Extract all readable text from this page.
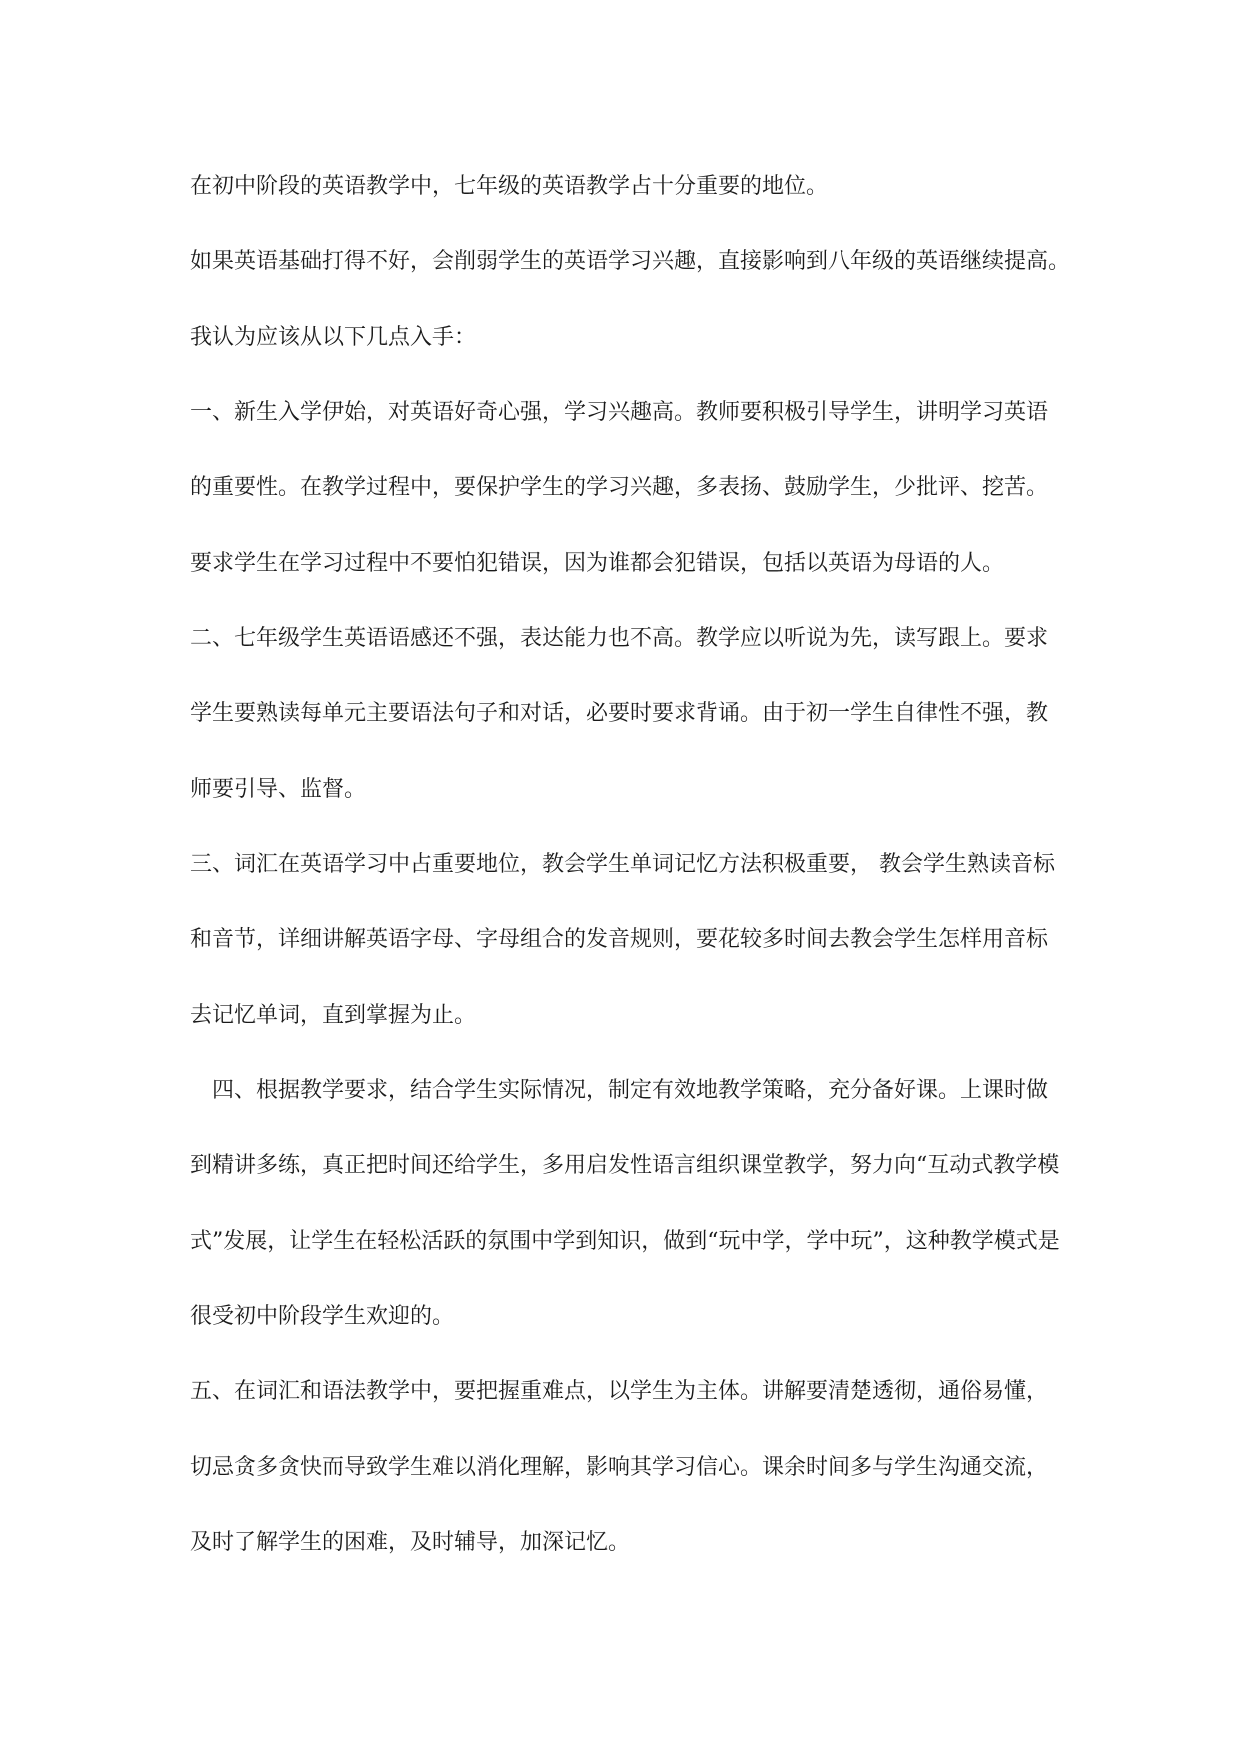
在初中阶段的英语教学中，七年级的英语教学占十分重要的地位。

如果英语基础打得不好，会削弱学生的英语学习兴趣，直接影响到八年级的英语继续提高。

我认为应该从以下几点入手：

一、新生入学伊始，对英语好奇心强，学习兴趣高。教师要积极引导学生，讲明学习英语

的重要性。在教学过程中，要保护学生的学习兴趣，多表扬、鼓励学生，少批评、挖苦。

要求学生在学习过程中不要怕犯错误，因为谁都会犯错误，包括以英语为母语的人。

二、七年级学生英语语感还不强，表达能力也不高。教学应以听说为先，读写跟上。要求

学生要熟读每单元主要语法句子和对话，必要时要求背诵。由于初一学生自律性不强，教

师要引导、监督。

三、词汇在英语学习中占重要地位，教会学生单词记忆方法积极重要， 教会学生熟读音标

和音节，详细讲解英语字母、字母组合的发音规则，要花较多时间去教会学生怎样用音标

去记忆单词，直到掌握为止。

四、根据教学要求，结合学生实际情况，制定有效地教学策略，充分备好课。上课时做

到精讲多练，真正把时间还给学生，多用启发性语言组织课堂教学，努力向“互动式教学模

式”发展，让学生在轻松活跃的氛围中学到知识，做到“玩中学，学中玩”，这种教学模式是

很受初中阶段学生欢迎的。

五、在词汇和语法教学中，要把握重难点，以学生为主体。讲解要清楚透彻，通俗易懂，

切忌贪多贪快而导致学生难以消化理解，影响其学习信心。课余时间多与学生沟通交流，

及时了解学生的困难，及时辅导，加深记忆。
